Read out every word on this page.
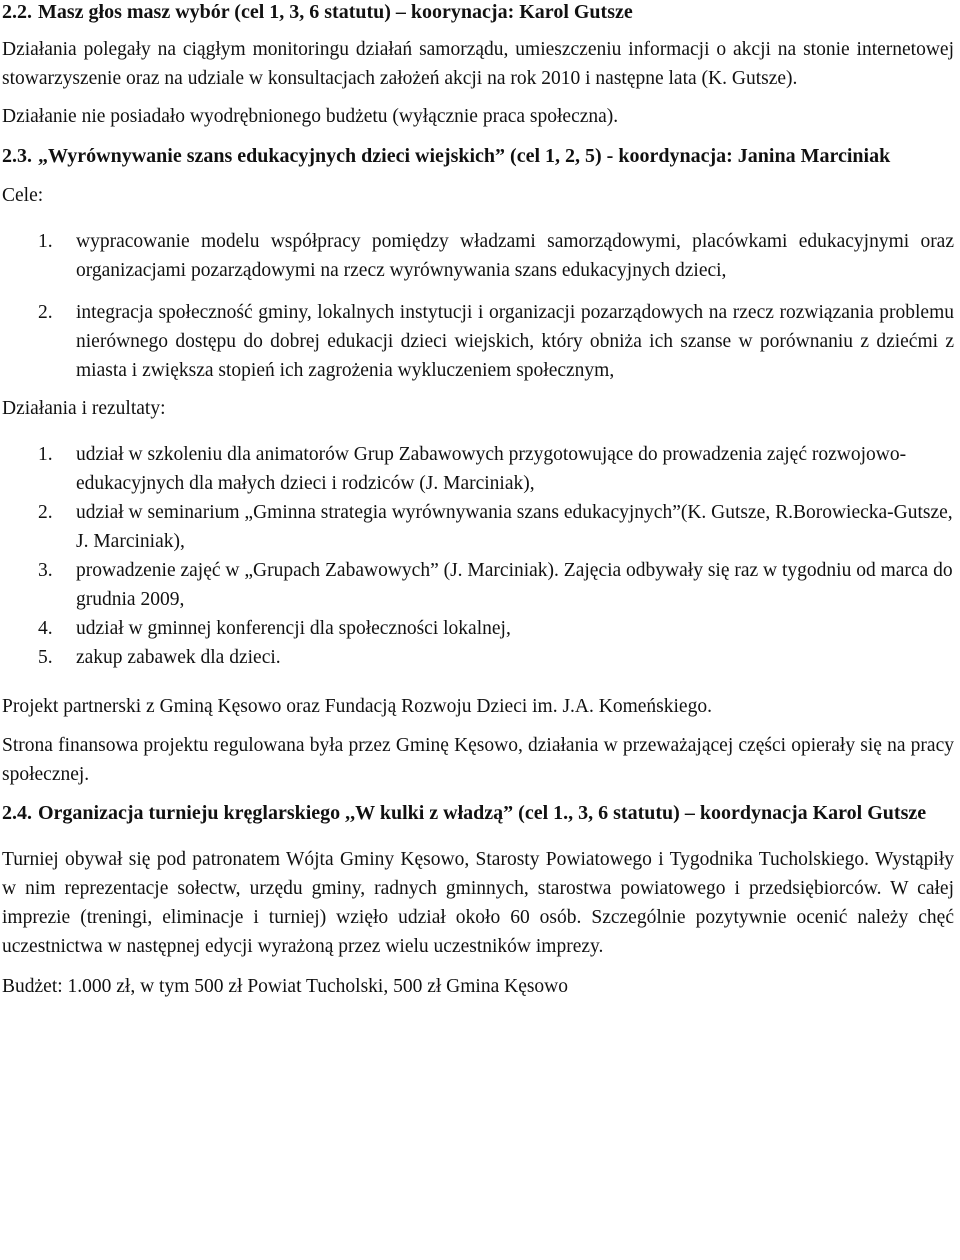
2.2. Masz głos masz wybór (cel 1, 3, 6 statutu) – koorynacja: Karol Gutsze

Działania polegały na ciągłym monitoringu działań samorządu, umieszczeniu informacji o akcji na stonie internetowej stowarzyszenie oraz na udziale w konsultacjach założeń akcji na rok 2010 i następne lata (K. Gutsze).

Działanie nie posiadało wyodrębnionego budżetu (wyłącznie praca społeczna).

2.3. „Wyrównywanie szans edukacyjnych dzieci wiejskich” (cel 1, 2, 5) - koordynacja: Janina Marciniak

Cele:

1.	wypracowanie modelu współpracy pomiędzy władzami samorządowymi, placówkami edukacyjnymi oraz organizacjami pozarządowymi na rzecz wyrównywania szans edukacyjnych dzieci,
2.	integracja społeczność gminy, lokalnych instytucji i organizacji pozarządowych na rzecz rozwiązania problemu nierównego dostępu do dobrej edukacji dzieci wiejskich, który obniża ich szanse w porównaniu z dziećmi z miasta i zwiększa stopień ich zagrożenia wykluczeniem społecznym,

Działania i rezultaty:

1.	udział w szkoleniu dla animatorów Grup Zabawowych przygotowujące do prowadzenia zajęć rozwojowo-edukacyjnych dla małych dzieci i rodziców (J. Marciniak),
2.	udział w seminarium „Gminna strategia wyrównywania szans edukacyjnych”(K. Gutsze, R.Borowiecka-Gutsze, J. Marciniak),
3.	prowadzenie zajęć w „Grupach Zabawowych” (J. Marciniak). Zajęcia odbywały się raz w tygodniu od marca do grudnia 2009,
4.	udział w gminnej konferencji dla społeczności lokalnej,
5.	zakup zabawek dla dzieci.

Projekt partnerski z Gminą Kęsowo oraz Fundacją Rozwoju Dzieci im. J.A. Komeńskiego.

Strona finansowa projektu regulowana była przez Gminę Kęsowo, działania w przeważającej części opierały się na pracy społecznej.

2.4. Organizacja turnieju kręglarskiego ,,W kulki z władzą” (cel 1., 3, 6 statutu) – koordynacja Karol Gutsze

Turniej obywał się pod patronatem Wójta Gminy Kęsowo, Starosty Powiatowego i Tygodnika Tucholskiego. Wystąpiły w nim reprezentacje sołectw, urzędu gminy, radnych gminnych, starostwa powiatowego i przedsiębiorców. W całej imprezie (treningi, eliminacje i turniej) wzięło udział około 60 osób. Szczególnie pozytywnie ocenić należy chęć uczestnictwa w następnej edycji wyrażoną przez wielu uczestników imprezy.

Budżet: 1.000 zł, w tym 500 zł Powiat Tucholski, 500 zł Gmina Kęsowo
